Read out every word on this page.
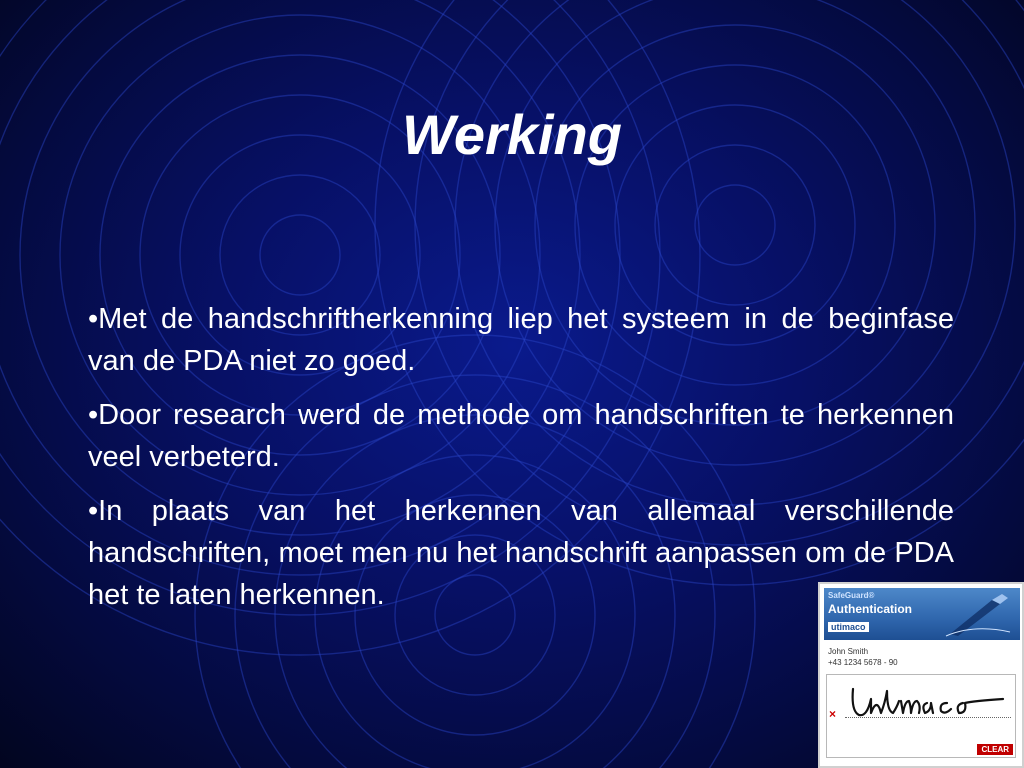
Werking

•Met de handschriftherkenning liep het systeem in de beginfase van de PDA niet zo goed.

•Door research werd de methode om handschriften te herkennen veel verbeterd.

•In plaats van het herkennen van allemaal verschillende handschriften, moet men nu het handschrift aanpassen om de PDA het te laten herkennen.	SafeGuard®
Authentication
utimaco
John Smith
+43 1234 5678 - 90
×
CLEAR
